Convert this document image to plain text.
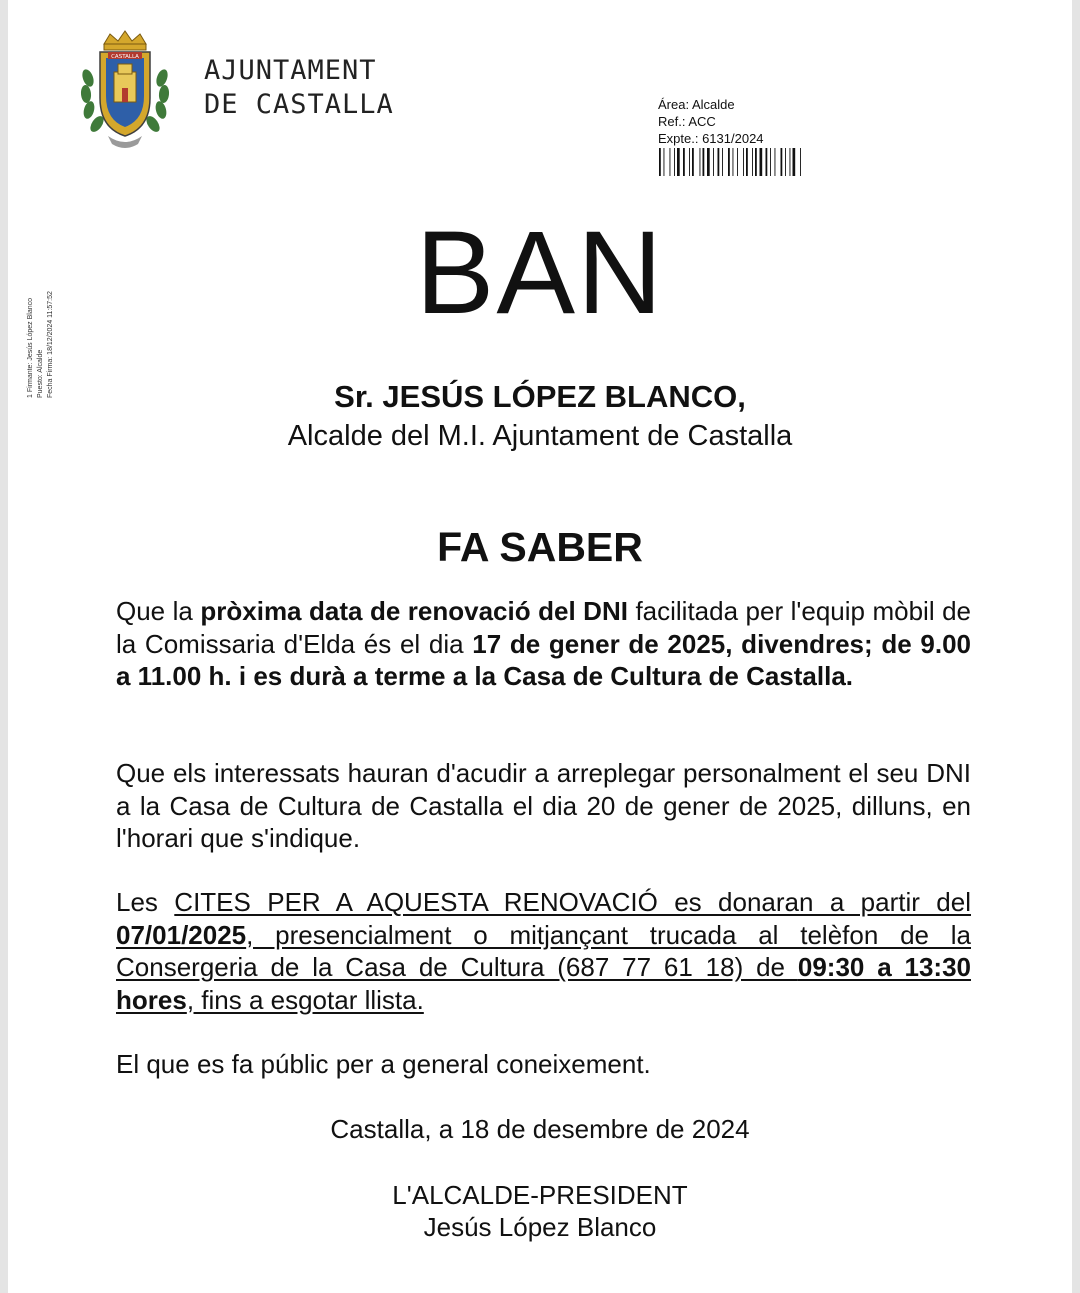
CASTALLA AJUNTAMENT
DE CASTALLA	Área: Alcalde
Ref.: ACC
Expte.: 6131/2024
1 Firmante: Jesús López Blanco Puesto: Alcalde Fecha Firma: 18/12/2024 11:57:52
BAN
Sr. JESÚS LÓPEZ BLANCO,
Alcalde del M.I. Ajuntament de Castalla
FA SABER
Que la pròxima data de renovació del DNI facilitada per l'equip mòbil de la Comissaria d'Elda és el dia 17 de gener de 2025, divendres; de 9.00 a 11.00 h. i es durà a terme a la Casa de Cultura de Castalla.
Que els interessats hauran d'acudir a arreplegar personalment el seu DNI a la Casa de Cultura de Castalla el dia 20 de gener de 2025, dilluns, en l'horari que s'indique.
Les CITES PER A AQUESTA RENOVACIÓ es donaran a partir del 07/01/2025, presencialment o mitjançant trucada al telèfon de la Consergeria de la Casa de Cultura (687 77 61 18) de 09:30 a 13:30 hores, fins a esgotar llista.
El que es fa públic per a general coneixement.
Castalla, a 18 de desembre de 2024
L'ALCALDE-PRESIDENT
Jesús López Blanco
